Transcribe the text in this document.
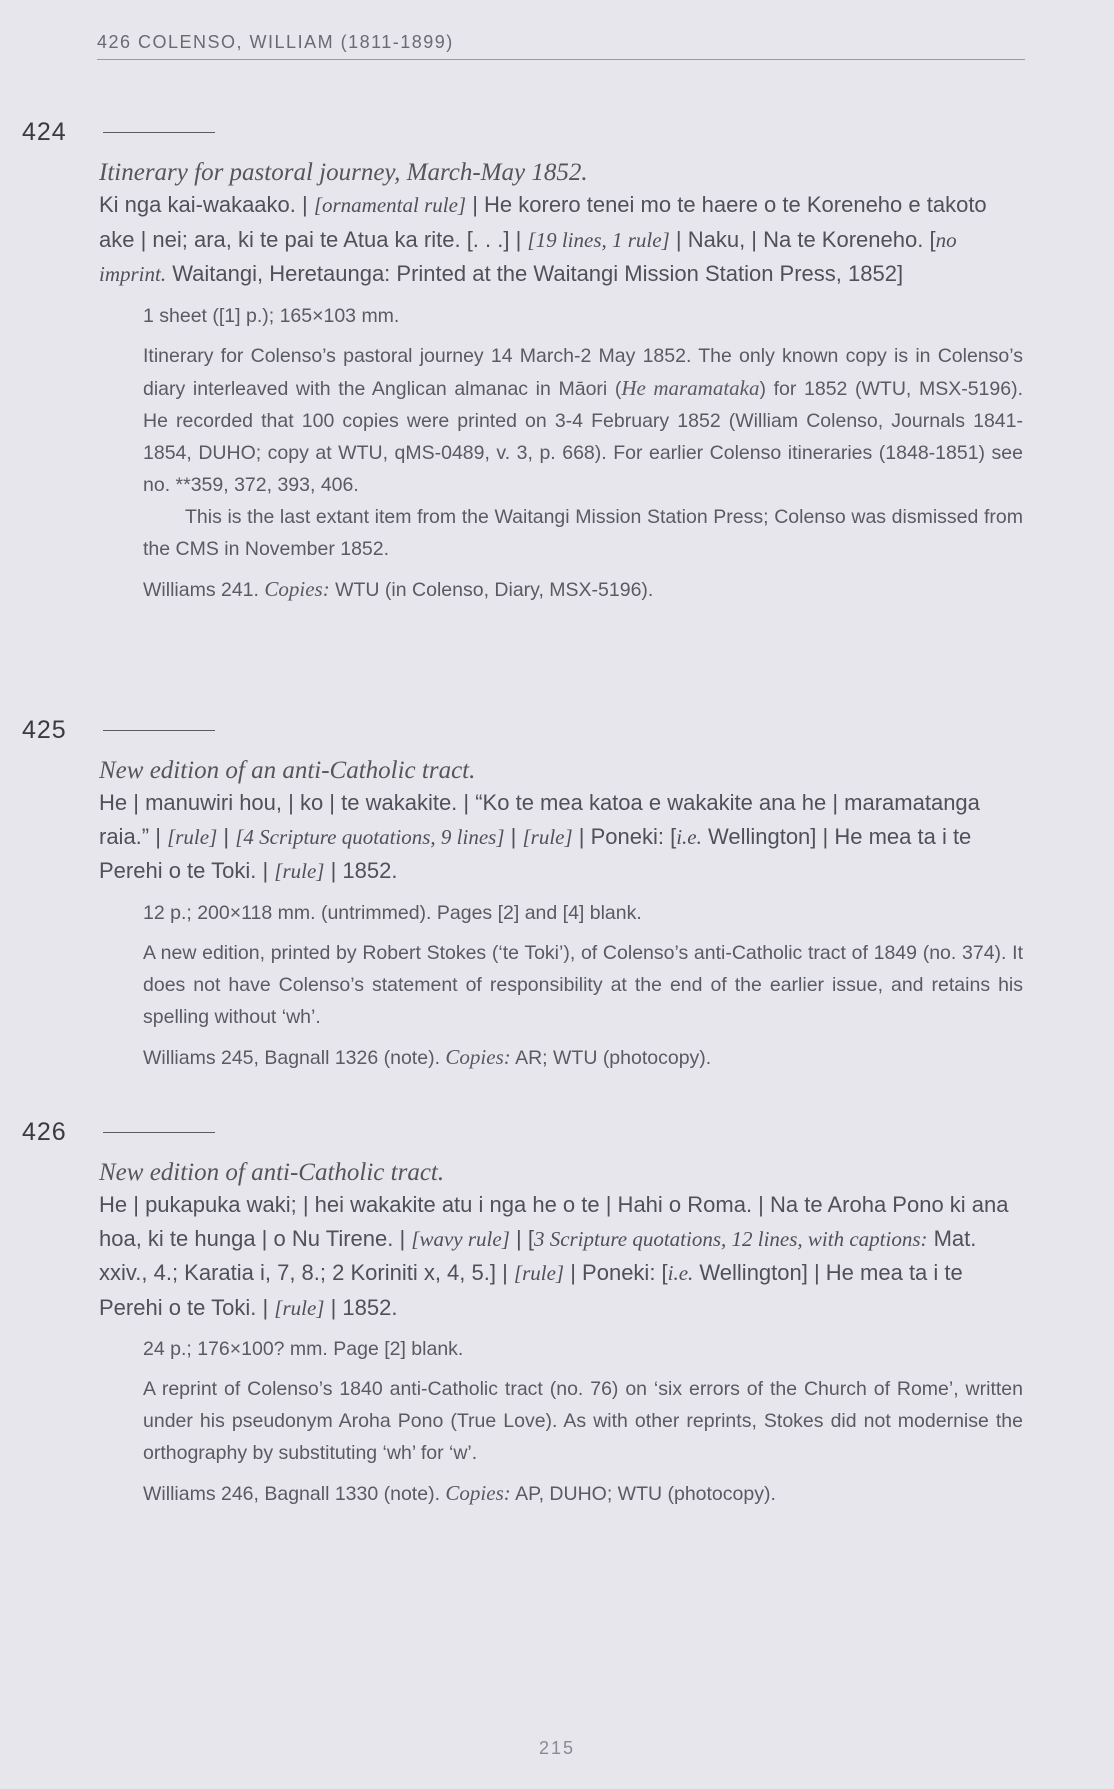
426 COLENSO, WILLIAM (1811-1899)
424
Itinerary for pastoral journey, March-May 1852.

Ki nga kai-wakaako. | [ornamental rule] | He korero tenei mo te haere o te Koreneho e takoto ake | nei; ara, ki te pai te Atua ka rite. [. . .] | [19 lines, 1 rule] | Naku, | Na te Koreneho. [no imprint. Waitangi, Heretaunga: Printed at the Waitangi Mission Station Press, 1852]

1 sheet ([1] p.); 165×103 mm.
Itinerary for Colenso’s pastoral journey 14 March-2 May 1852. The only known copy is in Colenso’s diary interleaved with the Anglican almanac in Māori (He maramataka) for 1852 (WTU, MSX-5196). He recorded that 100 copies were printed on 3-4 February 1852 (William Colenso, Journals 1841-1854, DUHO; copy at WTU, qMS-0489, v. 3, p. 668). For earlier Colenso itineraries (1848-1851) see no. **359, 372, 393, 406.
This is the last extant item from the Waitangi Mission Station Press; Colenso was dismissed from the CMS in November 1852.
Williams 241. Copies: WTU (in Colenso, Diary, MSX-5196).
425
New edition of an anti-Catholic tract.

He | manuwiri hou, | ko | te wakakite. | “Ko te mea katoa e wakakite ana he | maramatanga raia.” | [rule] | [4 Scripture quotations, 9 lines] | [rule] | Poneki: [i.e. Wellington] | He mea ta i te Perehi o te Toki. | [rule] | 1852.

12 p.; 200×118 mm. (untrimmed). Pages [2] and [4] blank.
A new edition, printed by Robert Stokes (‘te Toki’), of Colenso’s anti-Catholic tract of 1849 (no. 374). It does not have Colenso’s statement of responsibility at the end of the earlier issue, and retains his spelling without ‘wh’.
Williams 245, Bagnall 1326 (note). Copies: AR; WTU (photocopy).
426
New edition of anti-Catholic tract.

He | pukapuka waki; | hei wakakite atu i nga he o te | Hahi o Roma. | Na te Aroha Pono ki ana hoa, ki te hunga | o Nu Tirene. | [wavy rule] | [3 Scripture quotations, 12 lines, with captions: Mat. xxiv., 4.; Karatia i, 7, 8.; 2 Koriniti x, 4, 5.] | [rule] | Poneki: [i.e. Wellington] | He mea ta i te Perehi o te Toki. | [rule] | 1852.

24 p.; 176×100? mm. Page [2] blank.
A reprint of Colenso’s 1840 anti-Catholic tract (no. 76) on ‘six errors of the Church of Rome’, written under his pseudonym Aroha Pono (True Love). As with other reprints, Stokes did not modernise the orthography by substituting ‘wh’ for ‘w’.
Williams 246, Bagnall 1330 (note). Copies: AP, DUHO; WTU (photocopy).
215
